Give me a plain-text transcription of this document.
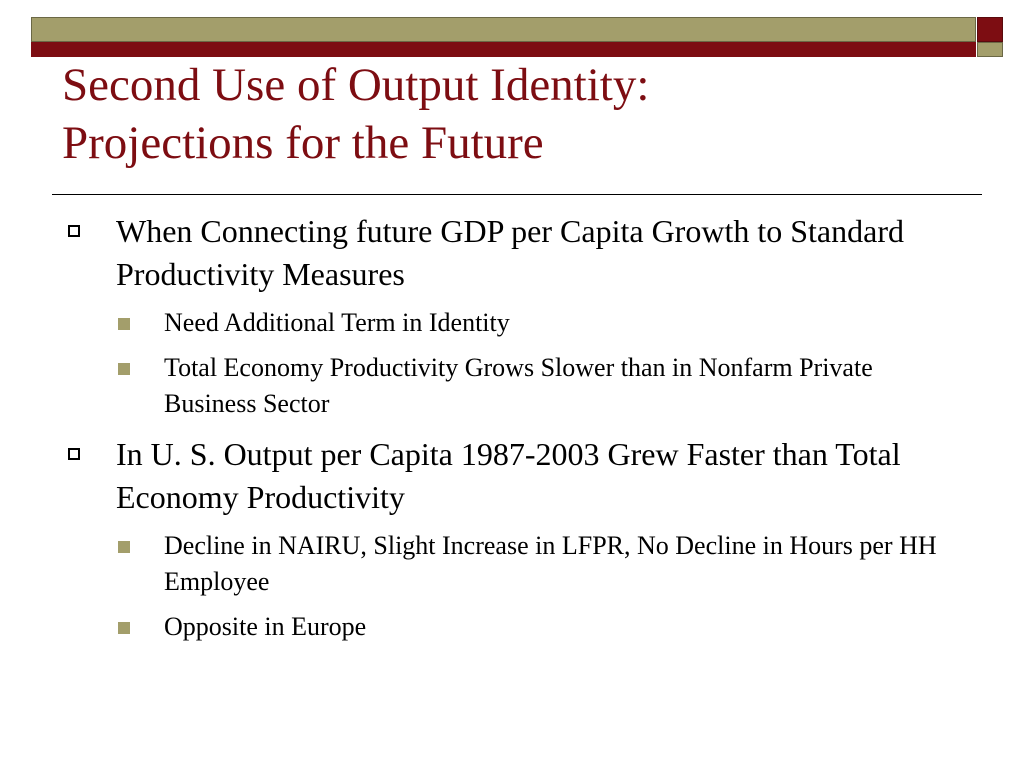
Second Use of Output Identity:
Projections for the Future
When Connecting future GDP per Capita Growth to Standard Productivity Measures
Need Additional Term in Identity
Total Economy Productivity Grows Slower than in Nonfarm Private Business Sector
In U. S. Output per Capita 1987-2003 Grew Faster than Total Economy Productivity
Decline in NAIRU, Slight Increase in LFPR, No Decline in Hours per HH Employee
Opposite in Europe
